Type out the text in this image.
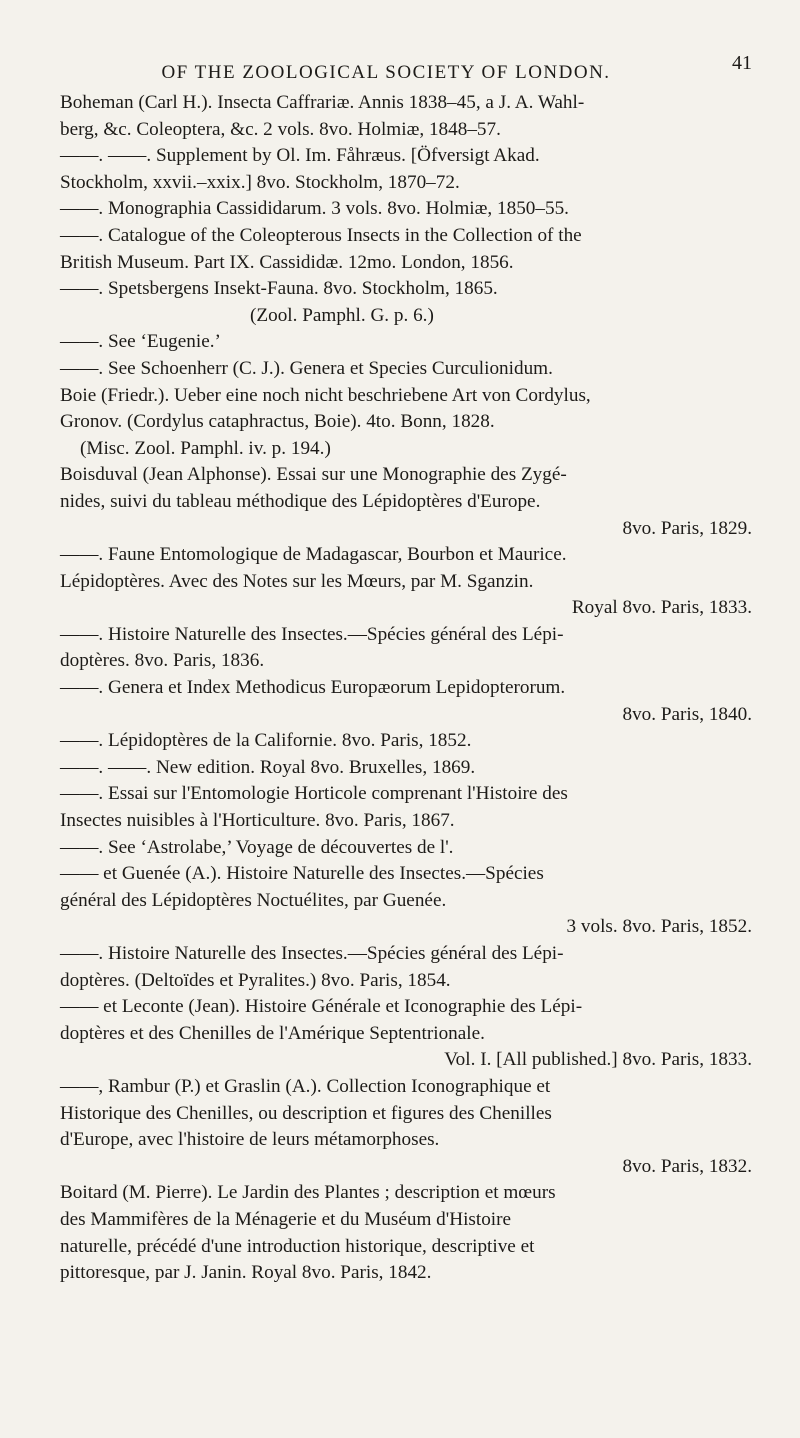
OF THE ZOOLOGICAL SOCIETY OF LONDON.	41
Boheman (Carl H.). Insecta Caffrariæ. Annis 1838–45, a J. A. Wahl-
berg, &c. Coleoptera, &c. 2 vols. 8vo. Holmiæ, 1848–57.
——. ——. Supplement by Ol. Im. Fåhræus. [Öfversigt Akad.
Stockholm, xxvii.–xxix.] 8vo. Stockholm, 1870–72.
——. Monographia Cassididarum. 3 vols. 8vo. Holmiæ, 1850–55.
——. Catalogue of the Coleopterous Insects in the Collection of the
British Museum. Part IX. Cassididæ. 12mo. London, 1856.
——. Spetsbergens Insekt-Fauna. 8vo. Stockholm, 1865.
(Zool. Pamphl. G. p. 6.)
——. See ‘Eugenie.’
——. See Schoenherr (C. J.). Genera et Species Curculionidum.
Boie (Friedr.). Ueber eine noch nicht beschriebene Art von Cordylus,
Gronov. (Cordylus cataphractus, Boie). 4to. Bonn, 1828.
(Misc. Zool. Pamphl. iv. p. 194.)
Boisduval (Jean Alphonse). Essai sur une Monographie des Zygé-
nides, suivi du tableau méthodique des Lépidoptères d'Europe.
8vo. Paris, 1829.
——. Faune Entomologique de Madagascar, Bourbon et Maurice.
Lépidoptères. Avec des Notes sur les Mœurs, par M. Sganzin.
Royal 8vo. Paris, 1833.
——. Histoire Naturelle des Insectes.—Spécies général des Lépi-
doptères. 8vo. Paris, 1836.
——. Genera et Index Methodicus Europæorum Lepidopterorum.
8vo. Paris, 1840.
——. Lépidoptères de la Californie. 8vo. Paris, 1852.
——. ——. New edition. Royal 8vo. Bruxelles, 1869.
——. Essai sur l'Entomologie Horticole comprenant l'Histoire des
Insectes nuisibles à l'Horticulture. 8vo. Paris, 1867.
——. See ‘Astrolabe,’ Voyage de découvertes de l'.
—— et Guenée (A.). Histoire Naturelle des Insectes.—Spécies
général des Lépidoptères Noctuélites, par Guenée.
3 vols. 8vo. Paris, 1852.
——. Histoire Naturelle des Insectes.—Spécies général des Lépi-
doptères. (Deltoïdes et Pyralites.) 8vo. Paris, 1854.
—— et Leconte (Jean). Histoire Générale et Iconographie des Lépi-
doptères et des Chenilles de l'Amérique Septentrionale.
Vol. I. [All published.] 8vo. Paris, 1833.
——, Rambur (P.) et Graslin (A.). Collection Iconographique et
Historique des Chenilles, ou description et figures des Chenilles
d'Europe, avec l'histoire de leurs métamorphoses.
8vo. Paris, 1832.
Boitard (M. Pierre). Le Jardin des Plantes ; description et mœurs
des Mammifères de la Ménagerie et du Muséum d'Histoire
naturelle, précédé d'une introduction historique, descriptive et
pittoresque, par J. Janin. Royal 8vo. Paris, 1842.
